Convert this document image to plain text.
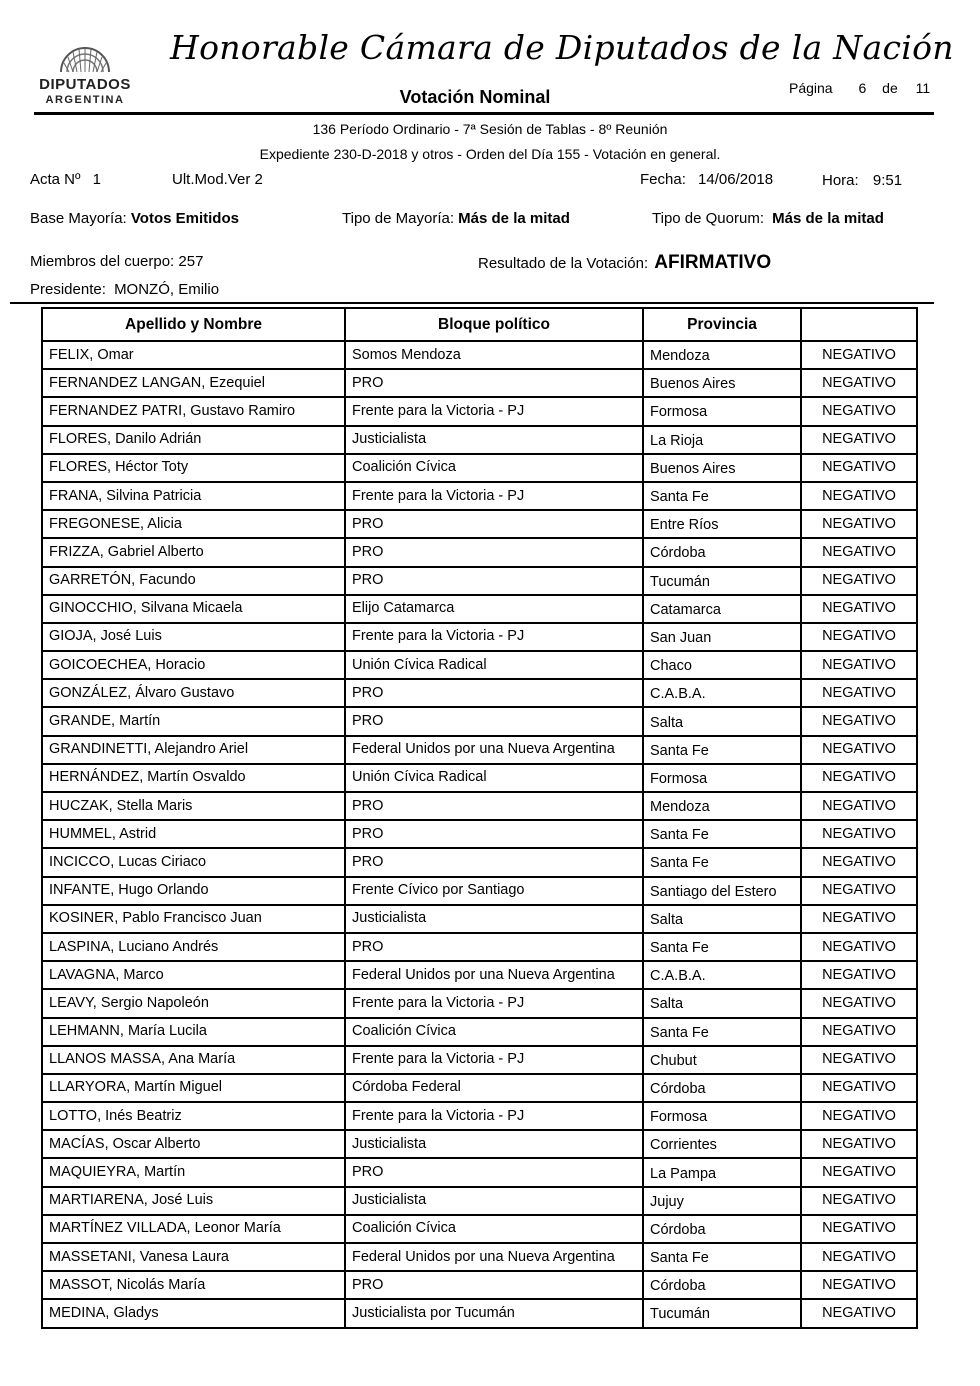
DIPUTADOS
ARGENTINA
Honorable Cámara de Diputados de la Nación
Votación Nominal	Página 6 de 11
136 Período Ordinario - 7ª Sesión de Tablas - 8º Reunión
Expediente 230-D-2018 y otros - Orden del Día 155 - Votación en general.
Acta Nº 1	Ult.Mod.Ver 2	Fecha: 14/06/2018	Hora: 9:51
Base Mayoría: Votos Emitidos	Tipo de Mayoría: Más de la mitad	Tipo de Quorum: Más de la mitad
Miembros del cuerpo: 257	Resultado de la Votación: AFIRMATIVO
Presidente: MONZÓ, Emilio
Apellido y Nombre	Bloque político	Provincia	
FELIX, Omar	Somos Mendoza	Mendoza	NEGATIVO
FERNANDEZ LANGAN, Ezequiel	PRO	Buenos Aires	NEGATIVO
FERNANDEZ PATRI, Gustavo Ramiro	Frente para la Victoria - PJ	Formosa	NEGATIVO
FLORES, Danilo Adrián	Justicialista	La Rioja	NEGATIVO
FLORES, Héctor Toty	Coalición Cívica	Buenos Aires	NEGATIVO
FRANA, Silvina Patricia	Frente para la Victoria - PJ	Santa Fe	NEGATIVO
FREGONESE, Alicia	PRO	Entre Ríos	NEGATIVO
FRIZZA, Gabriel Alberto	PRO	Córdoba	NEGATIVO
GARRETÓN, Facundo	PRO	Tucumán	NEGATIVO
GINOCCHIO, Silvana Micaela	Elijo Catamarca	Catamarca	NEGATIVO
GIOJA, José Luis	Frente para la Victoria - PJ	San Juan	NEGATIVO
GOICOECHEA, Horacio	Unión Cívica Radical	Chaco	NEGATIVO
GONZÁLEZ, Álvaro Gustavo	PRO	C.A.B.A.	NEGATIVO
GRANDE, Martín	PRO	Salta	NEGATIVO
GRANDINETTI, Alejandro Ariel	Federal Unidos por una Nueva Argentina	Santa Fe	NEGATIVO
HERNÁNDEZ, Martín Osvaldo	Unión Cívica Radical	Formosa	NEGATIVO
HUCZAK, Stella Maris	PRO	Mendoza	NEGATIVO
HUMMEL, Astrid	PRO	Santa Fe	NEGATIVO
INCICCO, Lucas Ciriaco	PRO	Santa Fe	NEGATIVO
INFANTE, Hugo Orlando	Frente Cívico por Santiago	Santiago del Estero	NEGATIVO
KOSINER, Pablo Francisco Juan	Justicialista	Salta	NEGATIVO
LASPINA, Luciano Andrés	PRO	Santa Fe	NEGATIVO
LAVAGNA, Marco	Federal Unidos por una Nueva Argentina	C.A.B.A.	NEGATIVO
LEAVY, Sergio Napoleón	Frente para la Victoria - PJ	Salta	NEGATIVO
LEHMANN, María Lucila	Coalición Cívica	Santa Fe	NEGATIVO
LLANOS MASSA, Ana María	Frente para la Victoria - PJ	Chubut	NEGATIVO
LLARYORA, Martín Miguel	Córdoba Federal	Córdoba	NEGATIVO
LOTTO, Inés Beatriz	Frente para la Victoria - PJ	Formosa	NEGATIVO
MACÍAS, Oscar Alberto	Justicialista	Corrientes	NEGATIVO
MAQUIEYRA, Martín	PRO	La Pampa	NEGATIVO
MARTIARENA, José Luis	Justicialista	Jujuy	NEGATIVO
MARTÍNEZ VILLADA, Leonor María	Coalición Cívica	Córdoba	NEGATIVO
MASSETANI, Vanesa Laura	Federal Unidos por una Nueva Argentina	Santa Fe	NEGATIVO
MASSOT, Nicolás María	PRO	Córdoba	NEGATIVO
MEDINA, Gladys	Justicialista por Tucumán	Tucumán	NEGATIVO
